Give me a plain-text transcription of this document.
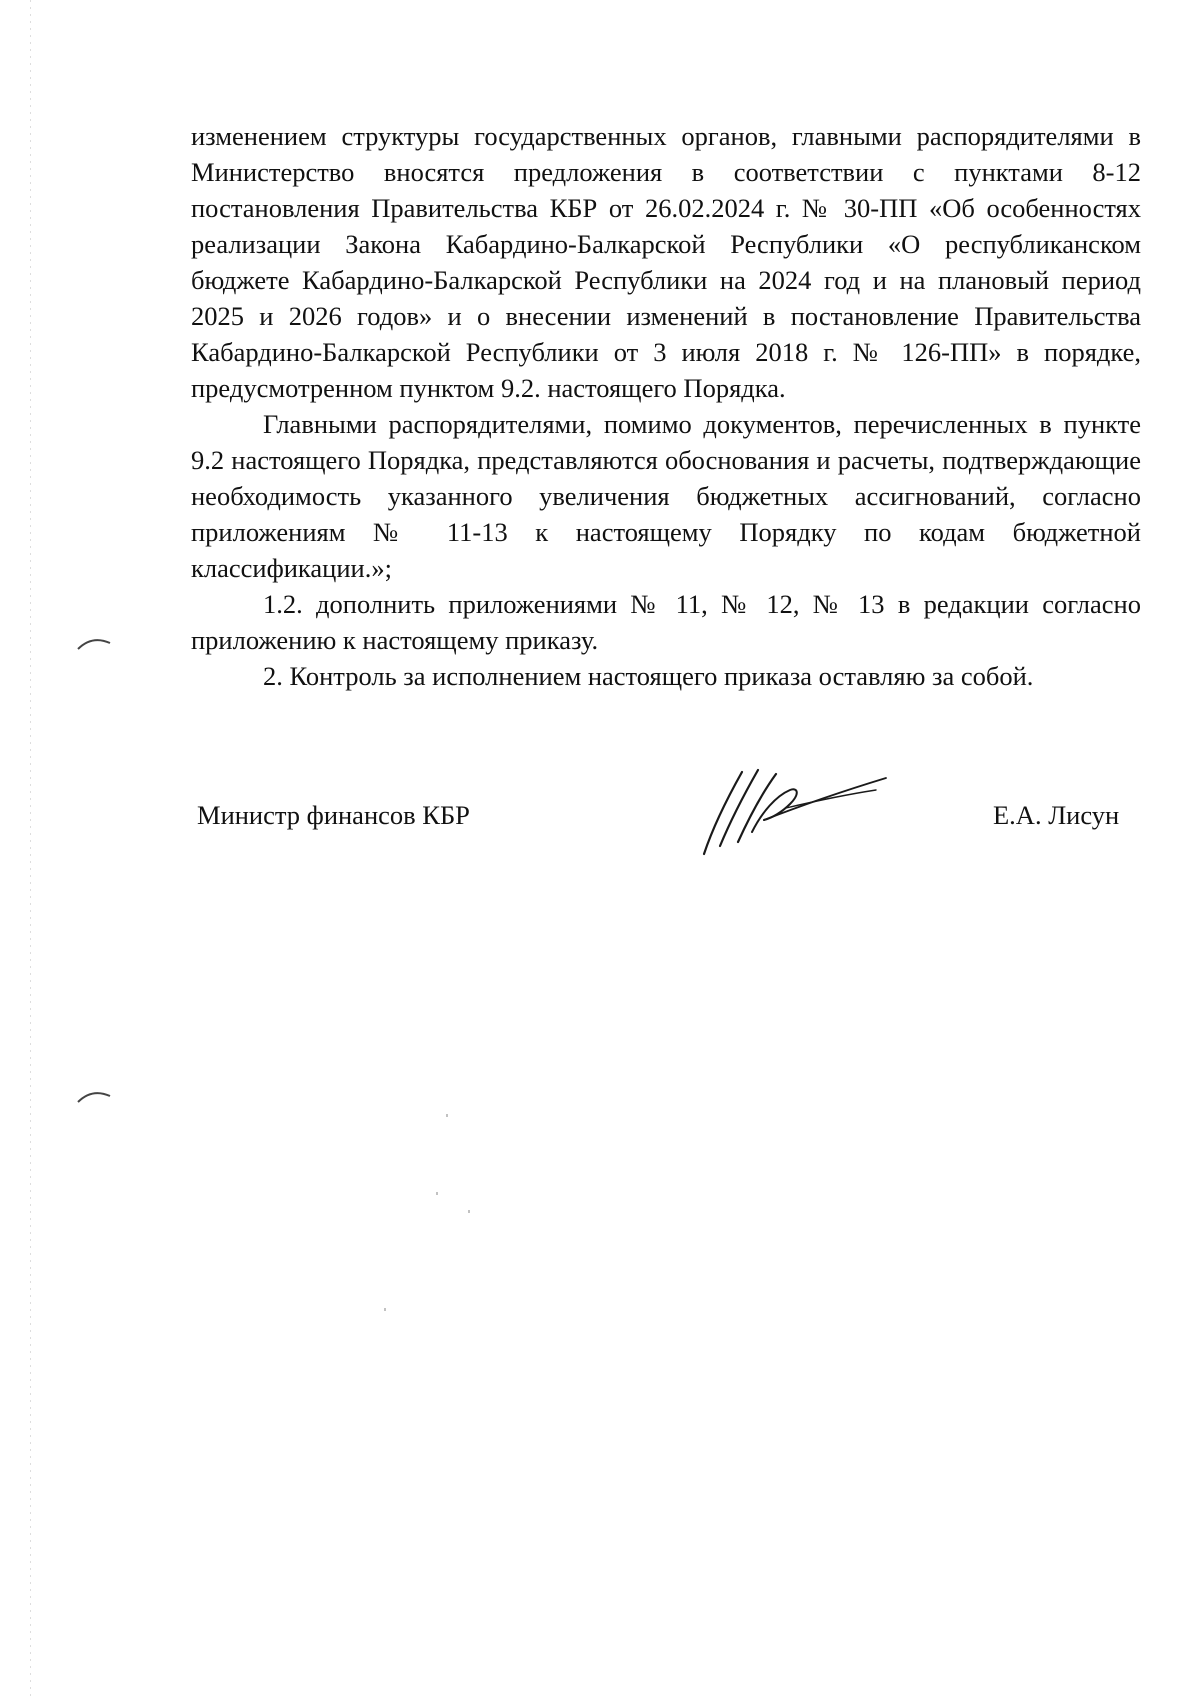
изменением структуры государственных органов, главными распорядителями в Министерство вносятся предложения в соответствии с пунктами 8-12 постановления Правительства КБР от 26.02.2024 г. № 30-ПП «Об особенностях реализации Закона Кабардино-Балкарской Республики «О республиканском бюджете Кабардино-Балкарской Республики на 2024 год и на плановый период 2025 и 2026 годов» и о внесении изменений в постановление Правительства Кабардино-Балкарской Республики от 3 июля 2018 г. № 126-ПП» в порядке, предусмотренном пунктом 9.2. настоящего Порядка.

Главными распорядителями, помимо документов, перечисленных в пункте 9.2 настоящего Порядка, представляются обоснования и расчеты, подтверждающие необходимость указанного увеличения бюджетных ассигнований, согласно приложениям № 11-13 к настоящему Порядку по кодам бюджетной классификации.»;

1.2. дополнить приложениями № 11, № 12, № 13 в редакции согласно приложению к настоящему приказу.

2. Контроль за исполнением настоящего приказа оставляю за собой.

Министр финансов КБР	Е.А. Лисун
